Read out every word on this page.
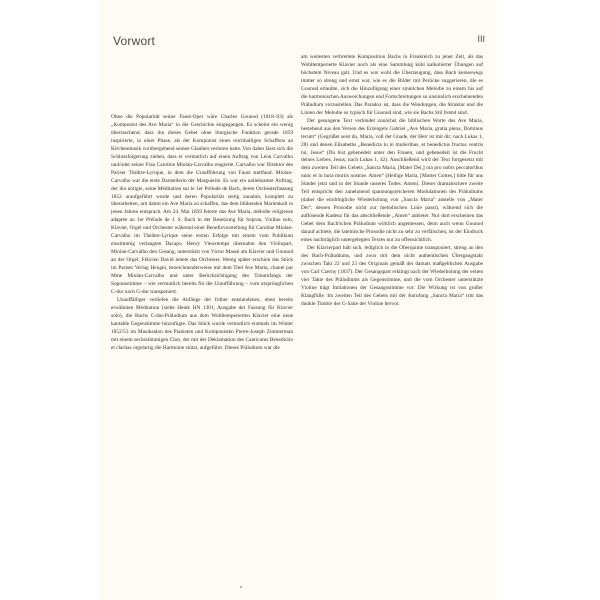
Vorwort	III

Ohne die Popularität seiner Faust-Oper wäre Charles Gounod (1818–93) als „Komponist des Ave Maria“ in die Geschichte eingegangen. Es scheint ein wenig überraschend, dass ihn dieses Gebet ohne liturgische Funktion gerade 1859 inspirierte, in einer Phase, als der Komponist eines reichhaltigen Schaffens an Kirchenmusik vorübergehend seinen Glauben verloren hatte. Von daher lässt sich die Schlussfolgerung ziehen, dass er vermutlich auf einen Auftrag von Léon Carvalho und/oder seiner Frau Caroline Miolan-Carvalho reagierte. Carvalho war Direktor des Pariser Théâtre-Lyrique, in dem die Uraufführung von Faust stattfand. Miolan-Carvalho war die erste Darstellerin der Marguerite. Es war ein unliebsamer Auftrag, der ihn nötigte, seine Méditation sur le 1er Prélude de Bach, deren Orchesterfassung 1853 uraufgeführt wurde und deren Popularität stetig zunahm, komplett zu überarbeiten, um damit ein Ave Maria zu schaffen, das dem blühenden Marienkult in jenen Jahren entsprach. Am 24. Mai 1859 feierte das Ave Maria, mélodie religieuse adaptée au 1er Prélude de J. S. Bach in der Besetzung für Sopran, Violine solo, Klavier, Orgel und Orchester während einer Benefizvorstellung für Caroline Miolan-Carvalho im Théâtre-Lyrique seine ersten Erfolge mit einem vom Publikum einstimmig verlangten Dacapo. Henry Vieuxtemps übernahm den Violinpart, Miolan-Carvalho den Gesang, unterstützt von Victor Massé am Klavier und Gounod an der Orgel; Félicien David leitete das Orchester. Wenig später erschien das Stück im Pariser Verlag Heugel, bezeichnenderweise mit dem Titel Ave Maria, chanté par Mme Miolan-Carvalho und unter Berücksichtigung des Tonumfangs der Sopranstimme – wie vermutlich bereits für die Uraufführung – vom ursprünglichen C-dur nach G-dur transponiert.

Unauffälliger verliefen die Anfänge der früher entstandenen, oben bereits erwähnten Méditation (siehe Henle HN 1301, Ausgabe der Fassung für Klavier solo), die Bachs C-dur-Präludium aus dem Wohltemperierten Klavier eine neue kantable Gegenstimme hinzufügte. Das Stück wurde vermutlich erstmals im Winter 1852/53 im Musiksalon des Pianisten und Komponisten Pierre-Joseph Zimmerman mit einem sechsstimmigen Chor, der mit der Deklamation des Canticums Benedictio et claritas orgelartig die Harmonie stützt, aufgeführt. Dieses Präludium war die

am weitesten verbreitete Komposition Bachs in Frankreich zu jener Zeit, als das Wohltemperierte Klavier noch als eine Sammlung kühl kalkulierter Übungen auf höchstem Niveau galt. Und es war wohl die Überzeugung, dass Bach keineswegs immer so streng und ernst war, wie es die Bilder mit Perücke suggerieren, die es Gounod erlaubte, sich die Hinzufügung einer sinnlichen Melodie zu einem bis auf die harmonischen Ausweichungen und Fortschreitungen so unsinnlich erscheinenden Präludium vorzustellen. Das Paradox ist, dass die Wendungen, die Struktur und die Linien der Melodie so typisch für Gounod sind, wie sie Bachs Stil fremd sind.

Der gesungene Text verbindet zunächst die biblischen Worte des Ave Maria, bestehend aus den Versen des Erzengels Gabriel „Ave Maria, gratia plena, Dominus tecum“ (Gegrüßet seist du, Maria, voll der Gnade, der Herr ist mit dir; nach Lukas 1, 28) und denen Elisabeths „Benedicta tu in mulieribus, et benedictus fructus ventris tui, Jesus“ (Du bist gebenedeit unter den Frauen, und gebenedeit ist die Frucht deines Leibes, Jesus; nach Lukas 1, 42). Anschließend wird der Text fortgesetzt mit dem zweiten Teil des Gebets „Sancta Maria, [Mater Dei,] ora pro nobis peccatoribus nunc et in hora mortis nostrae. Amen“ (Heilige Maria, [Mutter Gottes,] bitte für uns Sünder jetzt und in der Stunde unseres Todes. Amen). Dieser dramatischere zweite Teil entspricht den zunehmend spannungsreicheren Modulationen des Präludiums (daher die eindringliche Wiederholung von „Sancta Maria“ anstelle von „Mater Dei“, dessen Prosodie nicht zur melodischen Linie passt), während sich die auflösende Kadenz für das abschließende „Amen“ anbietet. Nur dort erscheinen das Gebet dem Bach'schen Präludium wirklich angemessen, denn auch wenn Gounod darauf achtete, die lateinische Prosodie nicht zu sehr zu verfälschen, ist der Eindruck eines nachträglich untergelegten Textes nur zu offensichtlich.

Der Klavierpart hält sich, lediglich in die Oberquinte transponiert, streng an den des Bach-Präludiums, und zwar mit dem nicht authentischen Übergangstakt zwischen Takt 22 und 23 des Originals gemäß der damals maßgeblichen Ausgabe von Carl Czerny (1837). Der Gesangspart erklingt nach der Wiederholung der ersten vier Takte des Präludiums als Gegenstimme, und die vom Orchester unterstützte Violine trägt Imitationen der Gesangsstimme vor. Die Wirkung ist von großer Klangfülle. Im zweiten Teil des Gebets mit der Anrufung „Sancta Maria“ tritt das dunkle Timbre der G-Saite der Violine hervor.
